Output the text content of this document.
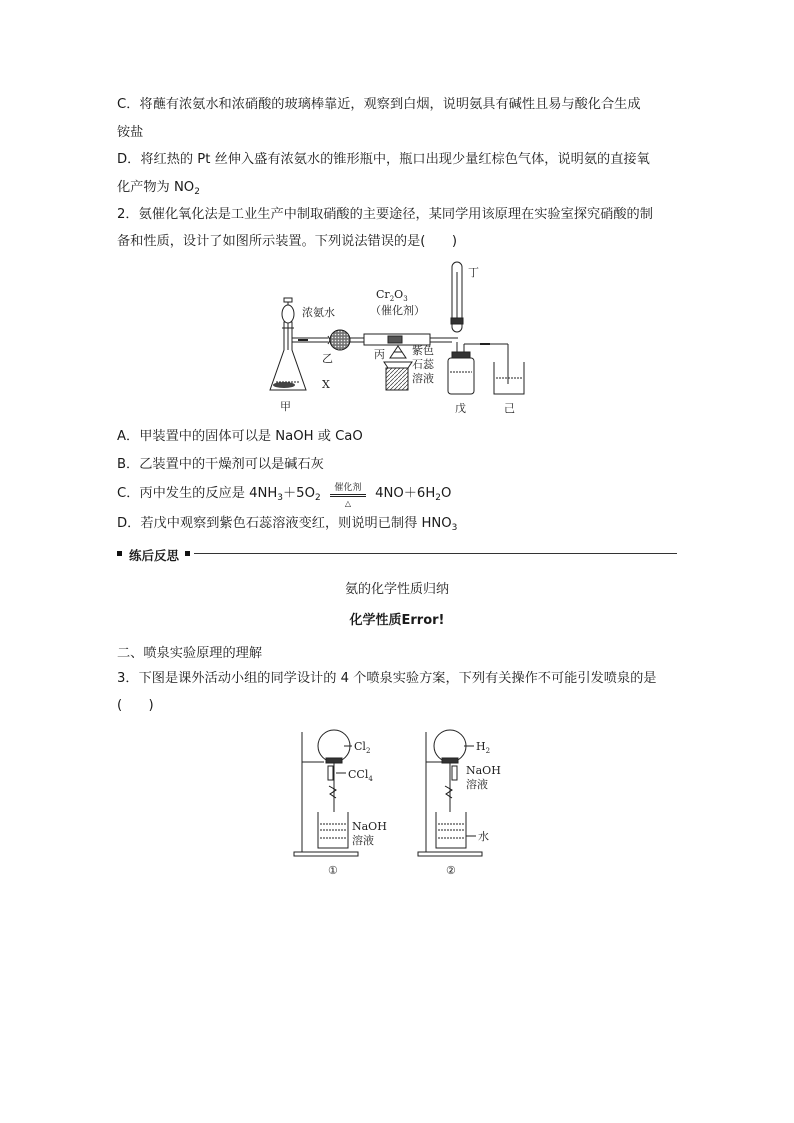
C．将蘸有浓氨水和浓硝酸的玻璃棒靠近，观察到白烟，说明氨具有碱性且易与酸化合生成
铵盐
D．将红热的 Pt 丝伸入盛有浓氨水的锥形瓶中，瓶口出现少量红棕色气体，说明氨的直接氧
化产物为 $NO_2$
2．氨催化氧化法是工业生产中制取硝酸的主要途径，某同学用该原理在实验室探究硝酸的制
备和性质，设计了如图所示装置。下列说法错误的是(　　)
浓氨水
$Cr_2O_3$
（催化剂）
乙	丙
X
甲
丁
紫色
石蕊
溶液
戊	己
A．甲装置中的固体可以是 NaOH 或 CaO
B．乙装置中的干燥剂可以是碱石灰
C．丙中发生的反应是 $4NH_3+5O_2$
催化剂
△
$4NO+6H_2O$
D．若戊中观察到紫色石蕊溶液变红，则说明已制得 $HNO_3$
练后反思
氨的化学性质归纳
化学性质Error!
二、喷泉实验原理的理解
3．下图是课外活动小组的同学设计的 4 个喷泉实验方案，下列有关操作不可能引发喷泉的是
(　　)
$Cl_2$
CCl$_4$
NaOH
溶液
①
$H_2$
NaOH
溶液
水
②
